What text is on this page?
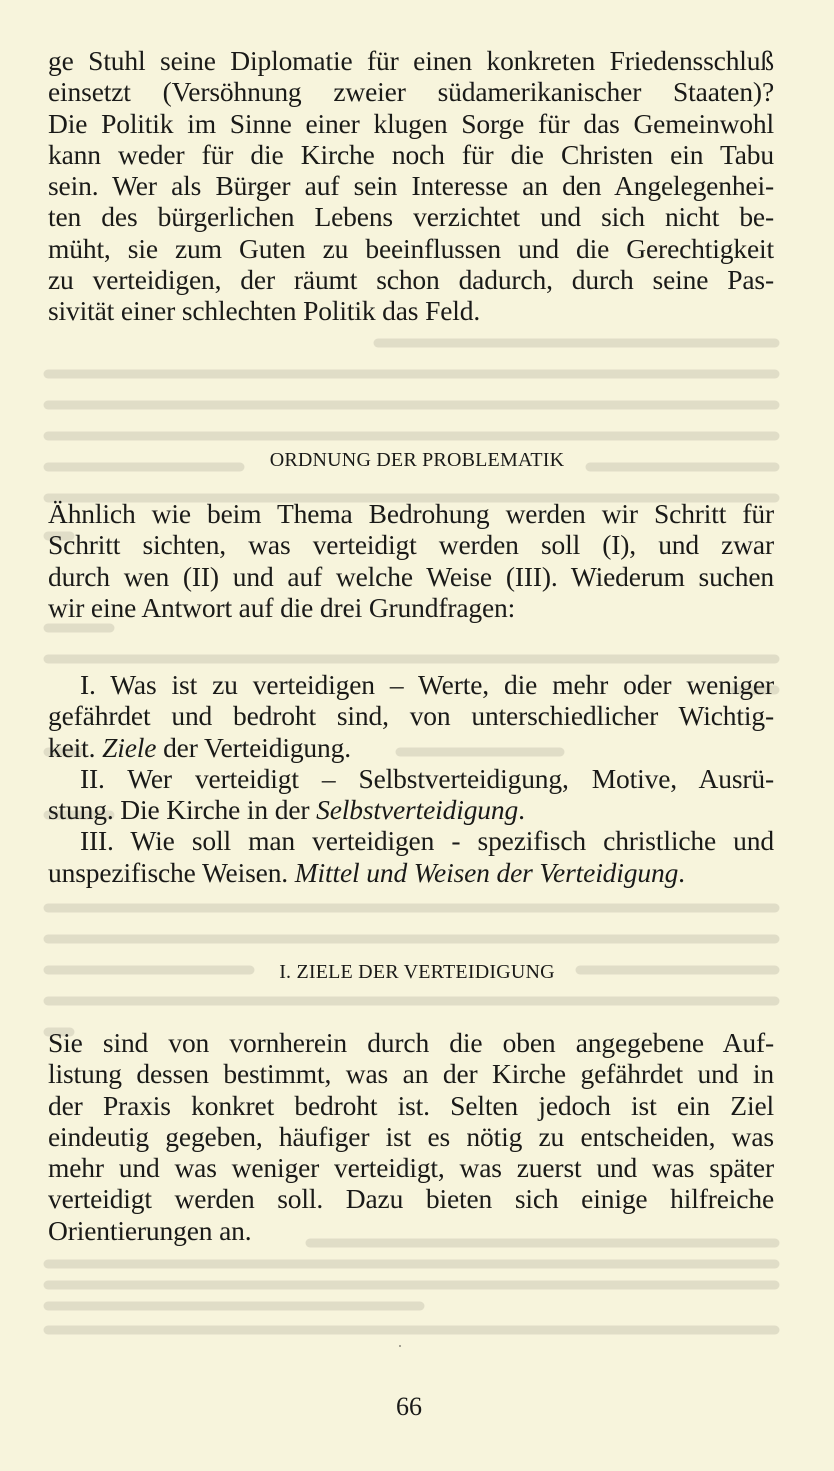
ge Stuhl seine Diplomatie für einen konkreten Friedensschluß
einsetzt (Versöhnung zweier südamerikanischer Staaten)?
Die Politik im Sinne einer klugen Sorge für das Gemeinwohl
kann weder für die Kirche noch für die Christen ein Tabu
sein. Wer als Bürger auf sein Interesse an den Angelegenhei-
ten des bürgerlichen Lebens verzichtet und sich nicht be-
müht, sie zum Guten zu beeinflussen und die Gerechtigkeit
zu verteidigen, der räumt schon dadurch, durch seine Pas-
sivität einer schlechten Politik das Feld.
ORDNUNG DER PROBLEMATIK
Ähnlich wie beim Thema Bedrohung werden wir Schritt für
Schritt sichten, was verteidigt werden soll (I), und zwar
durch wen (II) und auf welche Weise (III). Wiederum suchen
wir eine Antwort auf die drei Grundfragen:
I. Was ist zu verteidigen – Werte, die mehr oder weniger
gefährdet und bedroht sind, von unterschiedlicher Wichtig-
keit. Ziele der Verteidigung.
II. Wer verteidigt – Selbstverteidigung, Motive, Ausrü-
stung. Die Kirche in der Selbstverteidigung.
III. Wie soll man verteidigen - spezifisch christliche und
unspezifische Weisen. Mittel und Weisen der Verteidigung.
I. ZIELE DER VERTEIDIGUNG
Sie sind von vornherein durch die oben angegebene Auf-
listung dessen bestimmt, was an der Kirche gefährdet und in
der Praxis konkret bedroht ist. Selten jedoch ist ein Ziel
eindeutig gegeben, häufiger ist es nötig zu entscheiden, was
mehr und was weniger verteidigt, was zuerst und was später
verteidigt werden soll. Dazu bieten sich einige hilfreiche
Orientierungen an.
66
